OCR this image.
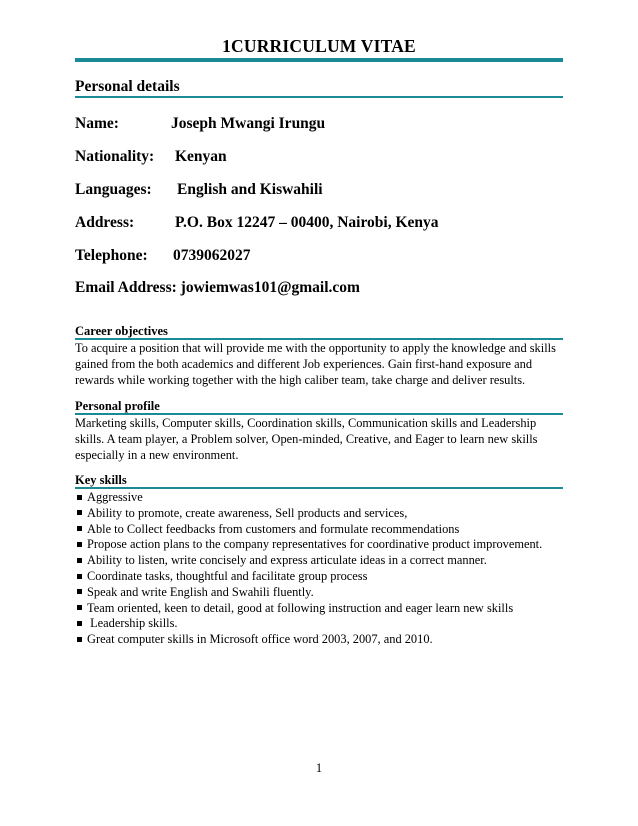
1CURRICULUM VITAE
Personal details
Name:	Joseph Mwangi Irungu
Nationality: Kenyan
Languages: English and Kiswahili
Address:	P.O. Box 12247 – 00400, Nairobi, Kenya
Telephone: 0739062027
Email Address: jowiemwas101@gmail.com
Career objectives
To acquire a position that will provide me with the opportunity to apply the knowledge and skills gained from the both academics and different Job experiences. Gain first-hand exposure and rewards while working together with the high caliber team, take charge and deliver results.
Personal profile
Marketing skills, Computer skills, Coordination skills, Communication skills and Leadership skills. A team player, a Problem solver, Open-minded, Creative, and Eager to learn new skills especially in a new environment.
Key skills
Aggressive
Ability to promote, create awareness, Sell products and services,
Able to Collect feedbacks from customers and formulate recommendations
Propose action plans to the company representatives for coordinative product improvement.
Ability to listen, write concisely and express articulate ideas in a correct manner.
Coordinate tasks, thoughtful and facilitate group process
Speak and write English and Swahili fluently.
Team oriented, keen to detail, good at following instruction and eager learn new skills
Leadership skills.
Great computer skills in Microsoft office word 2003, 2007, and 2010.
1
